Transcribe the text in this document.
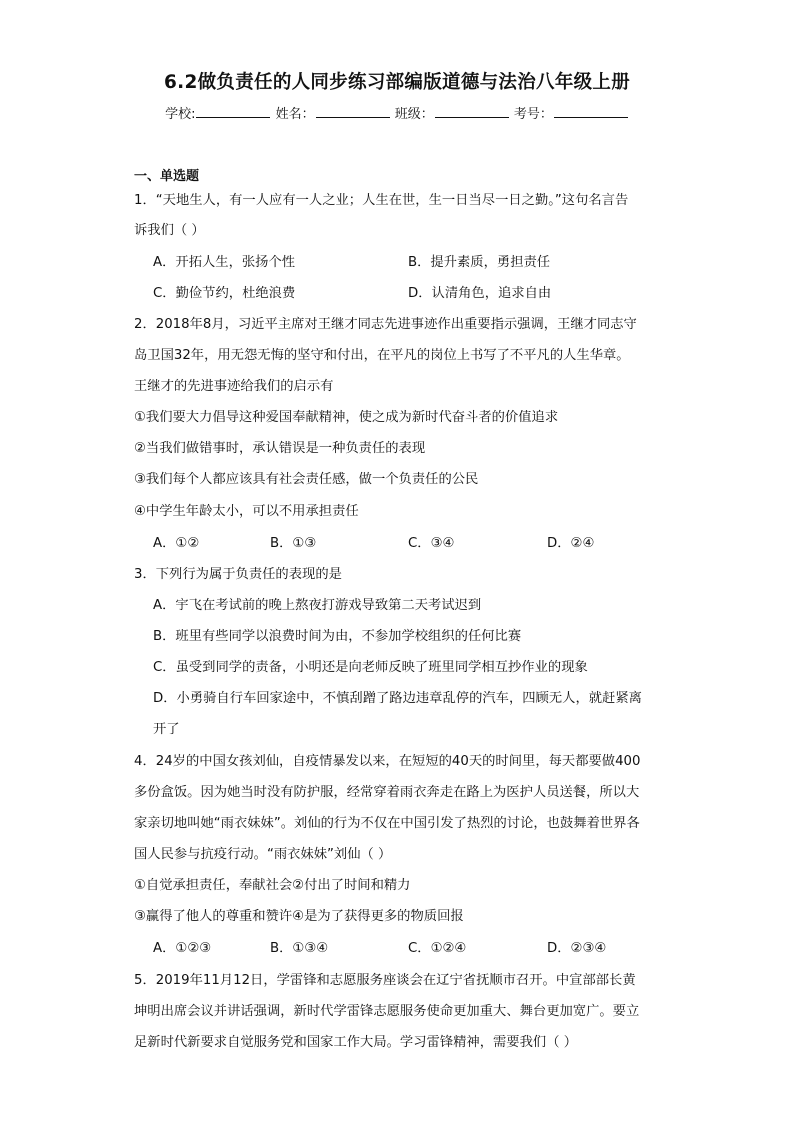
6.2做负责任的人同步练习部编版道德与法治八年级上册
学校:	姓名：	班级：	考号：
一、单选题
1．“天地生人，有一人应有一人之业；人生在世，生一日当尽一日之勤。”这句名言告
诉我们（ ）
A．开拓人生，张扬个性	B．提升素质，勇担责任
C．勤俭节约，杜绝浪费	D．认清角色，追求自由
2．2018年8月，习近平主席对王继才同志先进事迹作出重要指示强调，王继才同志守
岛卫国32年，用无怨无悔的坚守和付出，在平凡的岗位上书写了不平凡的人生华章。
王继才的先进事迹给我们的启示有
①我们要大力倡导这种爱国奉献精神，使之成为新时代奋斗者的价值追求
②当我们做错事时，承认错误是一种负责任的表现
③我们每个人都应该具有社会责任感，做一个负责任的公民
④中学生年龄太小，可以不用承担责任
A．①②	B．①③	C．③④	D．②④
3．下列行为属于负责任的表现的是
A．宇飞在考试前的晚上熬夜打游戏导致第二天考试迟到
B．班里有些同学以浪费时间为由，不参加学校组织的任何比赛
C．虽受到同学的责备，小明还是向老师反映了班里同学相互抄作业的现象
D．小勇骑自行车回家途中，不慎刮蹭了路边违章乱停的汽车，四顾无人，就赶紧离
开了
4．24岁的中国女孩刘仙，自疫情暴发以来，在短短的40天的时间里，每天都要做400
多份盒饭。因为她当时没有防护服，经常穿着雨衣奔走在路上为医护人员送餐，所以大
家亲切地叫她“雨衣妹妹”。刘仙的行为不仅在中国引发了热烈的讨论，也鼓舞着世界各
国人民参与抗疫行动。“雨衣妹妹”刘仙（ ）
①自觉承担责任，奉献社会②付出了时间和精力
③赢得了他人的尊重和赞许④是为了获得更多的物质回报
A．①②③	B．①③④	C．①②④	D．②③④
5．2019年11月12日，学雷锋和志愿服务座谈会在辽宁省抚顺市召开。中宣部部长黄
坤明出席会议并讲话强调，新时代学雷锋志愿服务使命更加重大、舞台更加宽广。要立
足新时代新要求自觉服务党和国家工作大局。学习雷锋精神，需要我们（ ）
